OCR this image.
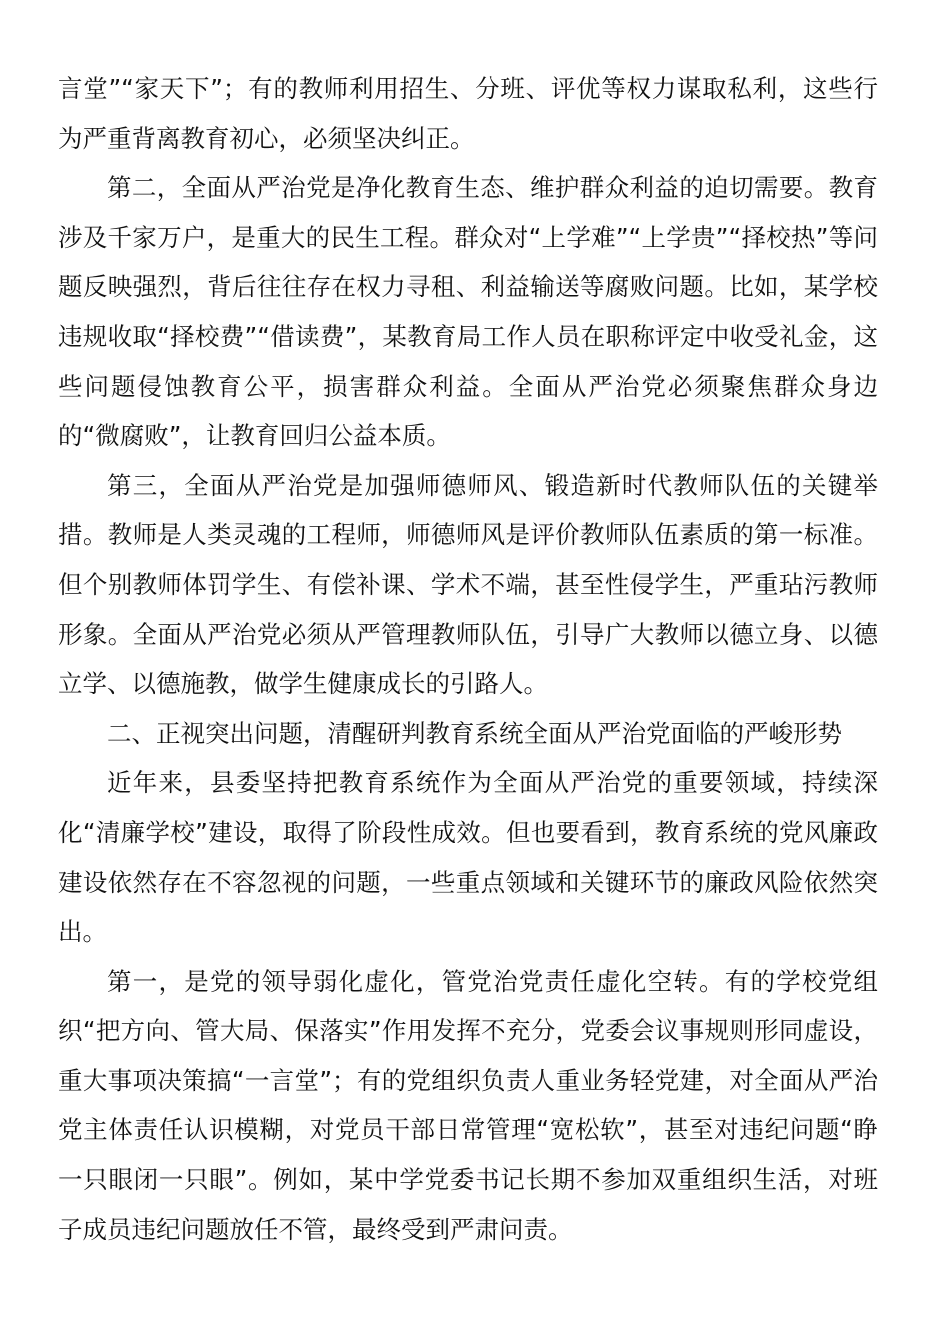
言堂”“家天下”；有的教师利用招生、分班、评优等权力谋取私利，这些行为严重背离教育初心，必须坚决纠正。

第二，全面从严治党是净化教育生态、维护群众利益的迫切需要。教育涉及千家万户，是重大的民生工程。群众对“上学难”“上学贵”“择校热”等问题反映强烈，背后往往存在权力寻租、利益输送等腐败问题。比如，某学校违规收取“择校费”“借读费”，某教育局工作人员在职称评定中收受礼金，这些问题侵蚀教育公平，损害群众利益。全面从严治党必须聚焦群众身边的“微腐败”，让教育回归公益本质。

第三，全面从严治党是加强师德师风、锻造新时代教师队伍的关键举措。教师是人类灵魂的工程师，师德师风是评价教师队伍素质的第一标准。但个别教师体罚学生、有偿补课、学术不端，甚至性侵学生，严重玷污教师形象。全面从严治党必须从严管理教师队伍，引导广大教师以德立身、以德立学、以德施教，做学生健康成长的引路人。

二、正视突出问题，清醒研判教育系统全面从严治党面临的严峻形势

近年来，县委坚持把教育系统作为全面从严治党的重要领域，持续深化“清廉学校”建设，取得了阶段性成效。但也要看到，教育系统的党风廉政建设依然存在不容忽视的问题，一些重点领域和关键环节的廉政风险依然突出。

第一，是党的领导弱化虚化，管党治党责任虚化空转。有的学校党组织“把方向、管大局、保落实”作用发挥不充分，党委会议事规则形同虚设，重大事项决策搞“一言堂”；有的党组织负责人重业务轻党建，对全面从严治党主体责任认识模糊，对党员干部日常管理“宽松软”，甚至对违纪问题“睁一只眼闭一只眼”。例如，某中学党委书记长期不参加双重组织生活，对班子成员违纪问题放任不管，最终受到严肃问责。
